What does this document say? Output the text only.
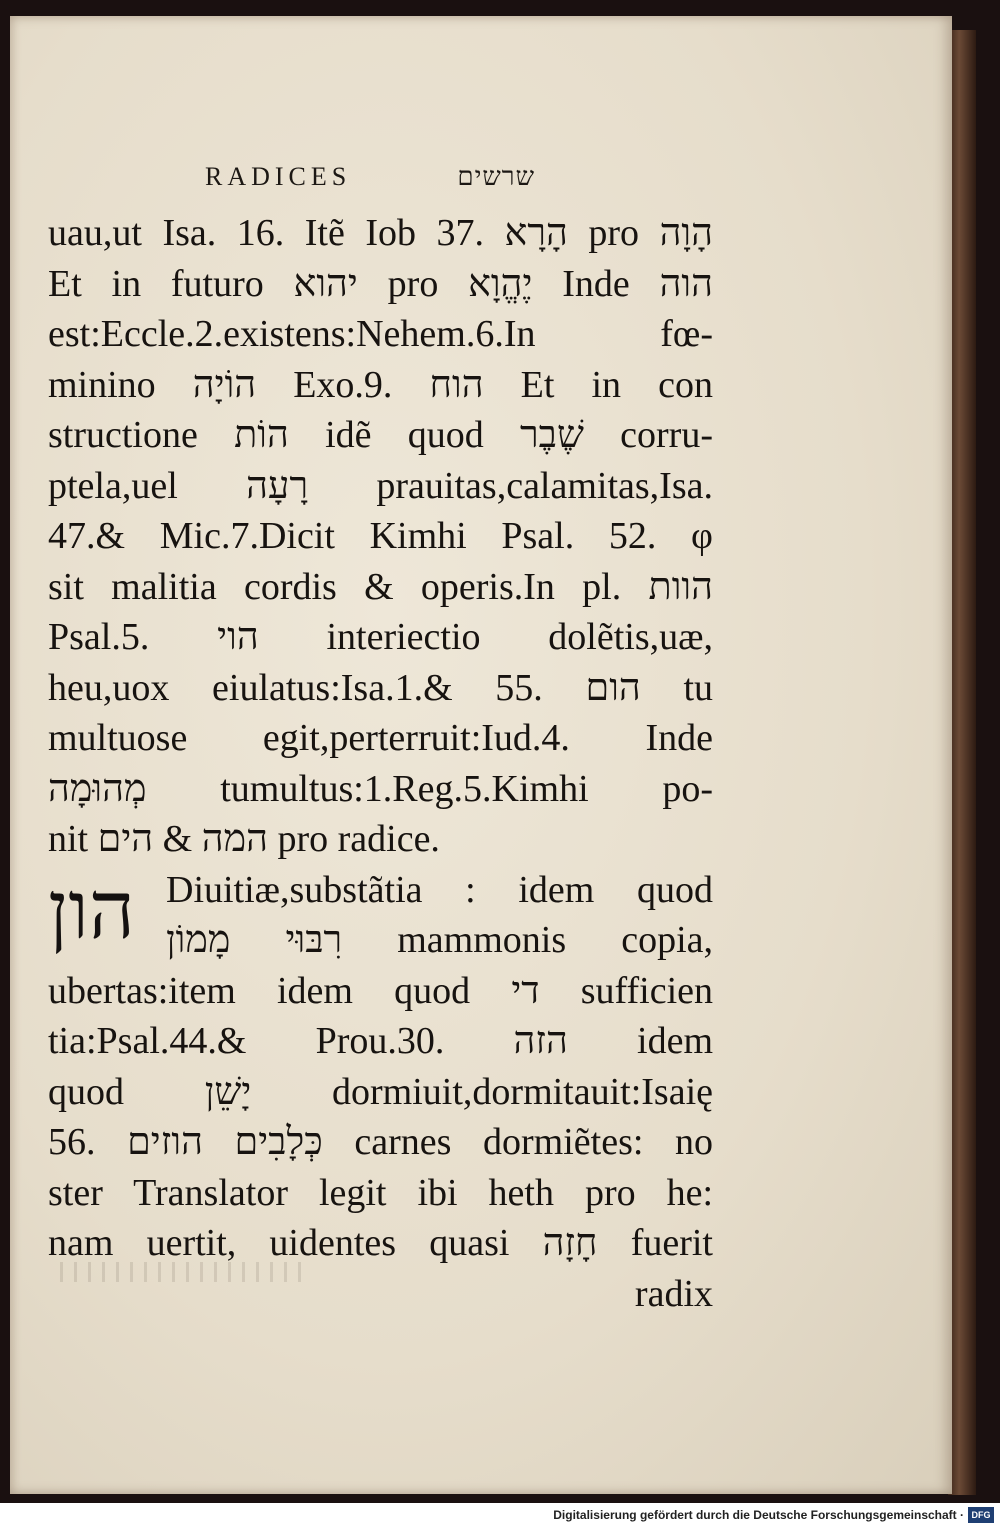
RADICES	שרשים
uau,ut Isa. 16. Itẽ Iob 37. הָרָא pro הָוָה
Et in futuro יהוא pro יֶהֱוָא Inde הוה
est:Eccle.2.existens:Nehem.6.In fœ-
minino הוֹיָה Exo.9. הוח Et in con
structione הוֹת idẽ quod שֶׁבֶר corru-
ptela,uel רָעָה prauitas,calamitas,Isa.
47.& Mic.7.Dicit Kimhi Psal. 52. φ
sit malitia cordis & operis.In pl. הוות
Psal.5. הוי interiectio dolẽtis,uæ,
heu,uox eiulatus:Isa.1.& 55. הום tu
multuose egit,perterruit:Iud.4. Inde
מְהוּמָה tumultus:1.Reg.5.Kimhi po-
nit המה & הים pro radice.
הון Diuitiæ,substãtia : idem quod
רִבּוּי מָמוֹן mammonis copia,
ubertas:item idem quod די sufficien
tia:Psal.44.& Prou.30. הזה idem
quod יָשֵׁן dormiuit,dormitauit:Isaię
56. כְּלָבִים הוזים carnes dormiẽtes: no
ster Translator legit ibi heth pro he:
nam uertit, uidentes quasi חָזָה fuerit
radix
Digitalisierung gefördert durch die Deutsche Forschungsgemeinschaft · DFG
